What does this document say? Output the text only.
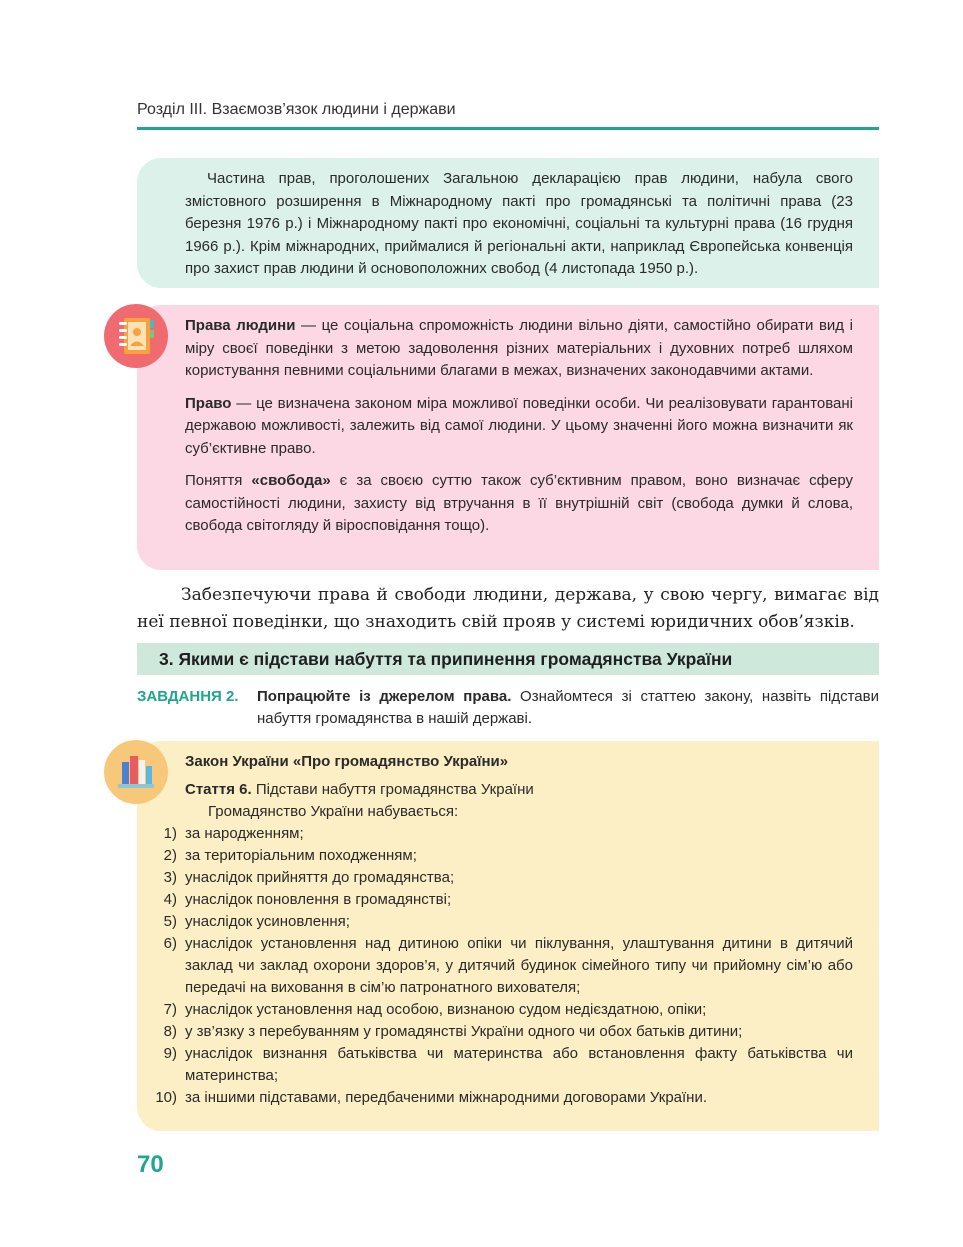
Розділ ІІІ. Взаємозв’язок людини і держави

Частина прав, проголошених Загальною декларацією прав людини, набула свого змістовного розширення в Міжнародному пакті про громадянські та політичні права (23 березня 1976 р.) і Міжнародному пакті про економічні, соціальні та культурні права (16 грудня 1966 р.). Крім міжнародних, приймалися й регіональні акти, наприклад Європейська конвенція про захист прав людини й основоположних свобод (4 листопада 1950 р.).

Права людини — це соціальна спроможність людини вільно діяти, самостійно обирати вид і міру своєї поведінки з метою задоволення різних матеріальних і духовних потреб шляхом користування певними соціальними благами в межах, визначених законодавчими актами.

Право — це визначена законом міра можливої поведінки особи. Чи реалізовувати гарантовані державою можливості, залежить від самої людини. У цьому значенні його можна визначити як суб’єктивне право.

Поняття «свобода» є за своєю суттю також суб’єктивним правом, воно визначає сферу самостійності людини, захисту від втручання в її внутрішній світ (свобода думки й слова, свобода світогляду й віросповідання тощо).

Забезпечуючи права й свободи людини, держава, у свою чергу, вимагає від неї певної поведінки, що знаходить свій прояв у системі юридичних обов’язків.
3. Якими є підстави набуття та припинення громадянства України
ЗАВДАННЯ 2. Попрацюйте із джерелом права. Ознайомтеся зі статтею закону, назвіть підстави набуття громадянства в нашій державі.

Закон України «Про громадянство України»

Стаття 6. Підстави набуття громадянства України

Громадянство України набувається:

1) за народженням;
2) за територіальним походженням;
3) унаслідок прийняття до громадянства;
4) унаслідок поновлення в громадянстві;
5) унаслідок усиновлення;
6) унаслідок установлення над дитиною опіки чи піклування, улаштування дитини в дитячий заклад чи заклад охорони здоров’я, у дитячий будинок сімейного типу чи прийомну сім’ю або передачі на виховання в сім’ю патронатного вихователя;
7) унаслідок установлення над особою, визнаною судом недієздатною, опіки;
8) у зв’язку з перебуванням у громадянстві України одного чи обох батьків дитини;
9) унаслідок визнання батьківства чи материнства або встановлення факту батьківства чи материнства;
10) за іншими підставами, передбаченими міжнародними договорами України.
70
